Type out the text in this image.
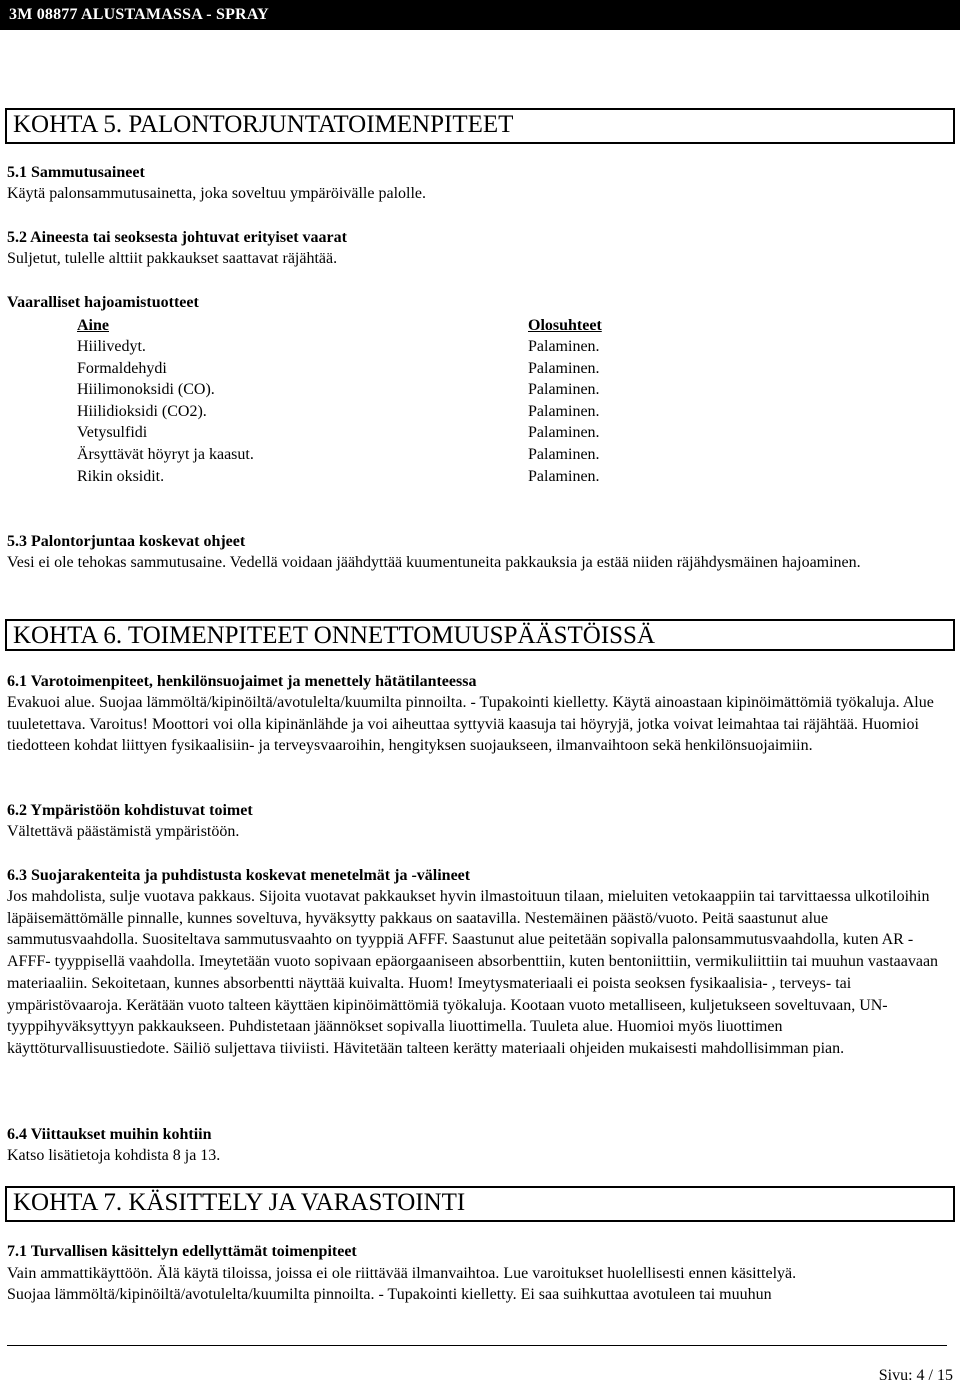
3M 08877 ALUSTAMASSA - SPRAY
KOHTA 5. PALONTORJUNTATOIMENPITEET
5.1 Sammutusaineet
Käytä palonsammutusainetta, joka soveltuu ympäröivälle palolle.
5.2 Aineesta tai seoksesta johtuvat erityiset vaarat
Suljetut, tulelle alttiit pakkaukset saattavat räjähtää.
Vaaralliset hajoamistuotteet
Aine	Olosuhteet
Hiilivedyt.	Palaminen.
Formaldehydi	Palaminen.
Hiilimonoksidi (CO).	Palaminen.
Hiilidioksidi (CO2).	Palaminen.
Vetysulfidi	Palaminen.
Ärsyttävät höyryt ja kaasut.	Palaminen.
Rikin oksidit.	Palaminen.
5.3 Palontorjuntaa koskevat ohjeet
Vesi ei ole tehokas sammutusaine. Vedellä voidaan jäähdyttää kuumentuneita pakkauksia ja estää niiden räjähdysmäinen hajoaminen.
KOHTA 6. TOIMENPITEET ONNETTOMUUSPÄÄSTÖISSÄ
6.1 Varotoimenpiteet, henkilönsuojaimet ja menettely hätätilanteessa
Evakuoi alue. Suojaa lämmöltä/kipinöiltä/avotulelta/kuumilta pinnoilta. - Tupakointi kielletty. Käytä ainoastaan kipinöimättömiä työkaluja. Alue tuuletettava. Varoitus! Moottori voi olla kipinänlähde ja voi aiheuttaa syttyviä kaasuja tai höyryjä, jotka voivat leimahtaa tai räjähtää. Huomioi tiedotteen kohdat liittyen fysikaalisiin- ja terveysvaaroihin, hengityksen suojaukseen, ilmanvaihtoon sekä henkilönsuojaimiin.
6.2 Ympäristöön kohdistuvat toimet
Vältettävä päästämistä ympäristöön.
6.3 Suojarakenteita ja puhdistusta koskevat menetelmät ja -välineet
Jos mahdolista, sulje vuotava pakkaus. Sijoita vuotavat pakkaukset hyvin ilmastoituun tilaan, mieluiten vetokaappiin tai tarvittaessa ulkotiloihin läpäisemättömälle pinnalle, kunnes soveltuva, hyväksytty pakkaus on saatavilla. Nestemäinen päästö/vuoto. Peitä saastunut alue sammutusvaahdolla. Suositeltava sammutusvaahto on tyyppiä AFFF. Saastunut alue peitetään sopivalla palonsammutusvaahdolla, kuten AR - AFFF- tyyppisellä vaahdolla. Imeytetään vuoto sopivaan epäorgaaniseen absorbenttiin, kuten bentoniittiin, vermikuliittiin tai muuhun vastaavaan materiaaliin. Sekoitetaan, kunnes absorbentti näyttää kuivalta. Huom! Imeytysmateriaali ei poista seoksen fysikaalisia- , terveys- tai ympäristövaaroja. Kerätään vuoto talteen käyttäen kipinöimättömiä työkaluja. Kootaan vuoto metalliseen, kuljetukseen soveltuvaan, UN-tyyppihyväksyttyyn pakkaukseen. Puhdistetaan jäännökset sopivalla liuottimella. Tuuleta alue. Huomioi myös liuottimen käyttöturvallisuustiedote. Säiliö suljettava tiiviisti. Hävitetään talteen kerätty materiaali ohjeiden mukaisesti mahdollisimman pian.
6.4 Viittaukset muihin kohtiin
Katso lisätietoja kohdista 8 ja 13.
KOHTA 7. KÄSITTELY JA VARASTOINTI
7.1 Turvallisen käsittelyn edellyttämät toimenpiteet
Vain ammattikäyttöön. Älä käytä tiloissa, joissa ei ole riittävää ilmanvaihtoa. Lue varoitukset huolellisesti ennen käsittelyä.
Suojaa lämmöltä/kipinöiltä/avotulelta/kuumilta pinnoilta. - Tupakointi kielletty. Ei saa suihkuttaa avotuleen tai muuhun
Sivu: 4 / 15
